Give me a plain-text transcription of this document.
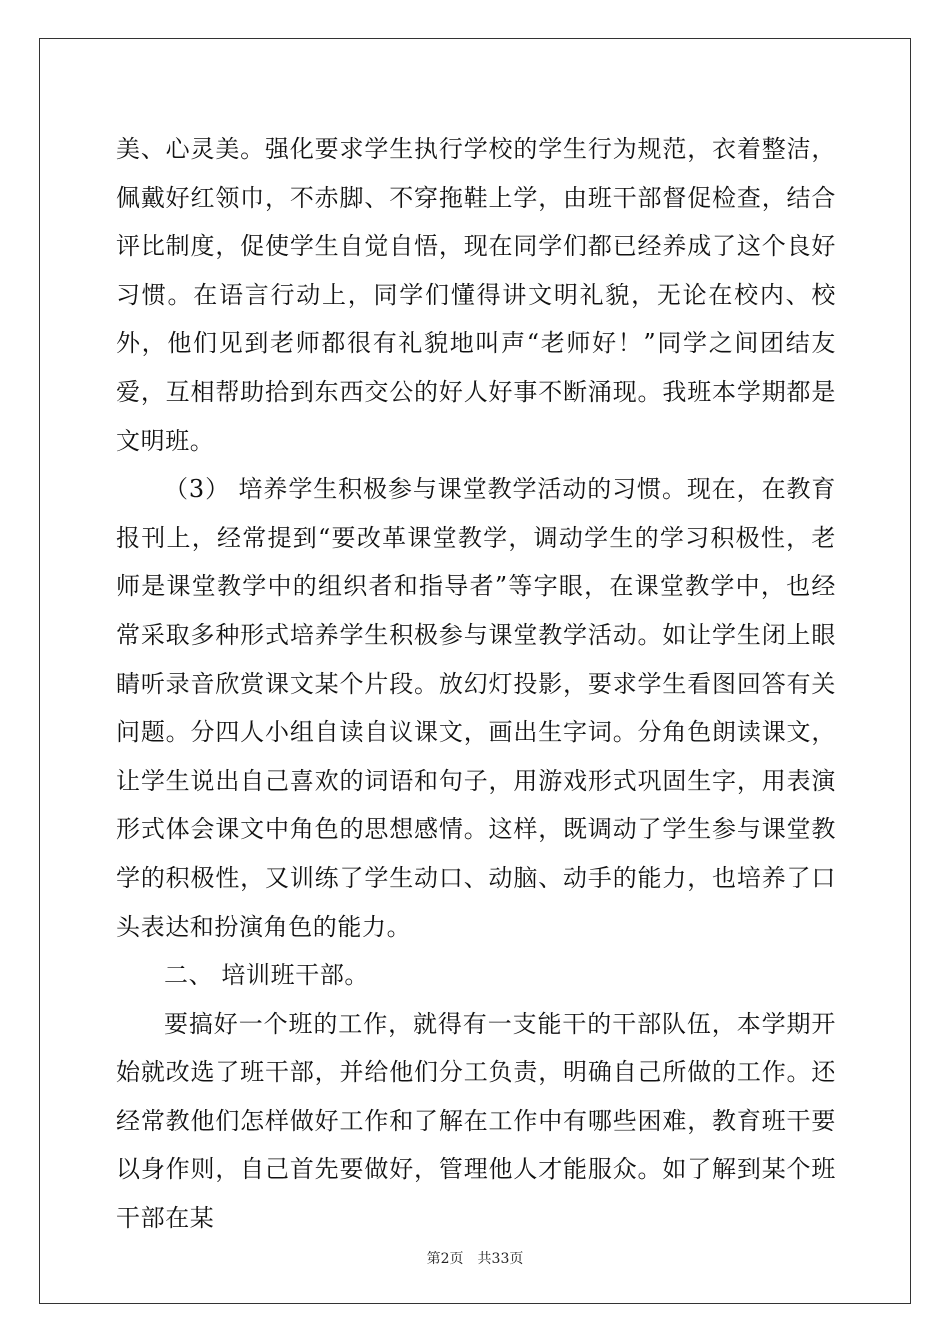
美、心灵美。强化要求学生执行学校的学生行为规范，衣着整洁，佩戴好红领巾，不赤脚、不穿拖鞋上学，由班干部督促检查，结合评比制度，促使学生自觉自悟，现在同学们都已经养成了这个良好习惯。在语言行动上，同学们懂得讲文明礼貌，无论在校内、校外，他们见到老师都很有礼貌地叫声“老师好！”同学之间团结友爱，互相帮助拾到东西交公的好人好事不断涌现。我班本学期都是文明班。

（3） 培养学生积极参与课堂教学活动的习惯。现在，在教育报刊上，经常提到“要改革课堂教学，调动学生的学习积极性，老师是课堂教学中的组织者和指导者”等字眼，在课堂教学中，也经常采取多种形式培养学生积极参与课堂教学活动。如让学生闭上眼睛听录音欣赏课文某个片段。放幻灯投影，要求学生看图回答有关问题。分四人小组自读自议课文，画出生字词。分角色朗读课文，让学生说出自己喜欢的词语和句子，用游戏形式巩固生字，用表演形式体会课文中角色的思想感情。这样，既调动了学生参与课堂教学的积极性，又训练了学生动口、动脑、动手的能力，也培养了口头表达和扮演角色的能力。

二、 培训班干部。

要搞好一个班的工作，就得有一支能干的干部队伍，本学期开始就改选了班干部，并给他们分工负责，明确自己所做的工作。还经常教他们怎样做好工作和了解在工作中有哪些困难，教育班干要以身作则，自己首先要做好，管理他人才能服众。如了解到某个班干部在某

第2页　共33页
